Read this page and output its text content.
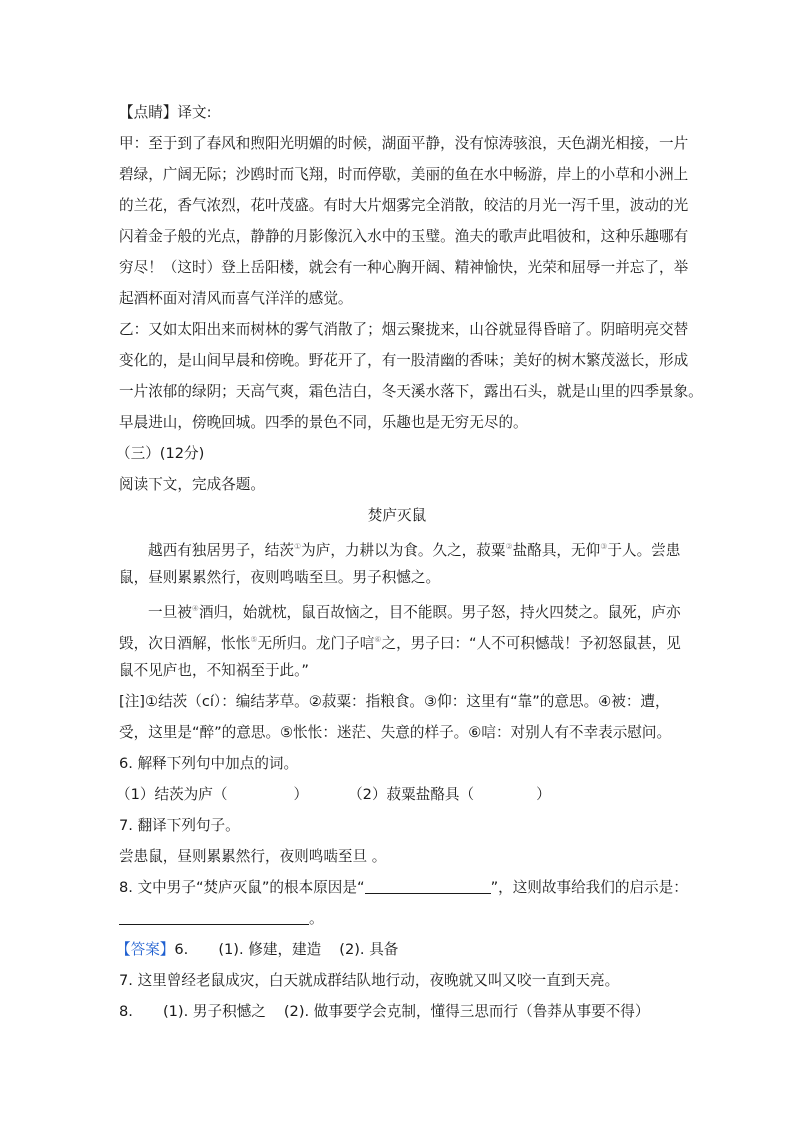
【点睛】译文:
甲：至于到了春风和煦阳光明媚的时候，湖面平静，没有惊涛骇浪，天色湖光相接，一片
碧绿，广阔无际；沙鸥时而飞翔，时而停歇，美丽的鱼在水中畅游，岸上的小草和小洲上
的兰花，香气浓烈，花叶茂盛。有时大片烟雾完全消散，皎洁的月光一泻千里，波动的光
闪着金子般的光点，静静的月影像沉入水中的玉璧。渔夫的歌声此唱彼和，这种乐趣哪有
穷尽！（这时）登上岳阳楼，就会有一种心胸开阔、精神愉快，光荣和屈辱一并忘了，举
起酒杯面对清风而喜气洋洋的感觉。
乙：又如太阳出来而树林的雾气消散了；烟云聚拢来，山谷就显得昏暗了。阴暗明亮交替
变化的，是山间早晨和傍晚。野花开了，有一股清幽的香味；美好的树木繁茂滋长，形成
一片浓郁的绿阴；天高气爽，霜色洁白，冬天溪水落下，露出石头，就是山里的四季景象。
早晨进山，傍晚回城。四季的景色不同，乐趣也是无穷无尽的。
（三）(12分)
阅读下文，完成各题。
焚庐灭鼠
越西有独居男子，结茨①为庐，力耕以为食。久之，菽粟②盐酪具，无仰③于人。尝患
鼠，昼则累累然行，夜则鸣啮至旦。男子积憾之。
一旦被④酒归，始就枕，鼠百故恼之，目不能瞑。男子怒，持火四焚之。鼠死，庐亦
毁，次日酒解，怅怅⑤无所归。龙门子唁⑥之，男子曰：“人不可积憾哉！予初怒鼠甚，见
鼠不见庐也，不知祸至于此。”
[注]①结茨（cí）：编结茅草。②菽粟：指粮食。③仰：这里有“靠”的意思。④被：遭，
受，这里是“醉”的意思。⑤怅怅：迷茫、失意的样子。⑥唁：对别人有不幸表示慰问。
6. 解释下列句中加点的词。
（1）结茨为庐（	）	（2）菽粟盐酪具（	）
7. 翻译下列句子。
尝患鼠，昼则累累然行，夜则鸣啮至旦 。
8. 文中男子“焚庐灭鼠”的根本原因是“	”，这则故事给我们的启示是：
。
【答案】6. (1). 修建，建造 (2). 具备
7. 这里曾经老鼠成灾，白天就成群结队地行动，夜晚就又叫又咬一直到天亮。
8. (1). 男子积憾之 (2). 做事要学会克制，懂得三思而行（鲁莽从事要不得）
